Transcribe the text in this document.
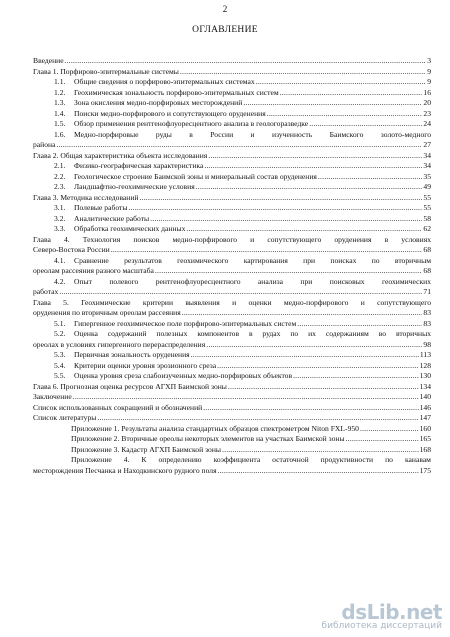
2
ОГЛАВЛЕНИЕ
Введение .....	3
Глава 1. Порфирово-эпитермальные системы .....	9
1.1.	Общие сведения о порфирово-эпитермальных системах .....	9
1.2.	Геохимическая зональность порфирово-эпитермальных систем .....	16
1.3.	Зона окисления медно-порфировых месторождений .....	20
1.4.	Поиски медно-порфирового и сопутствующего оруденения .....	23
1.5.	Обзор применения рентгенофлуоресцентного анализа в геологоразведке .....	24
1.6.	Медно-порфировые руды в России и изученность Баимского золото-медного
района .....	27
Глава 2. Общая характеристика объекта исследования .....	34
2.1.	Физико-географическая характеристика .....	34
2.2.	Геологическое строение Баимской зоны и минеральный состав оруденения .....	35
2.3.	Ландшафтно-геохимические условия .....	49
Глава 3. Методика исследований .....	55
3.1.	Полевые работы .....	55
3.2.	Аналитические работы .....	58
3.3.	Обработка геохимических данных .....	62
Глава 4. Технология поисков медно-порфирового и сопутствующего оруденения в условиях
Северо-Востока России .....	68
4.1.	Сравнение результатов геохимического картирования при поисках по вторичным
ореолам рассеяния разного масштаба .....	68
4.2.	Опыт полевого рентгенофлуоресцентного анализа при поисковых геохимических
работах .....	71
Глава 5. Геохимические критерии выявления и оценки медно-порфирового и сопутствующего
оруденения по вторичным ореолам рассеяния .....	83
5.1.	Гипергенное геохимическое поле порфирово-эпитермальных систем .....	83
5.2.	Оценка содержаний полезных компонентов в рудах по их содержаниям во вторичных
ореолах в условиях гипергенного перераспределения .....	98
5.3.	Первичная зональность оруденения .....	113
5.4.	Критерии оценки уровня эрозионного среза .....	128
5.5.	Оценка уровня среза слабоизученных медно-порфировых объектов .....	130
Глава 6. Прогнозная оценка ресурсов АГХП Баимской зоны .....	134
Заключение .....	140
Список использованных сокращений и обозначений .....	146
Список литературы .....	147
Приложение 1. Результаты анализа стандартных образцов спектрометром Niton FXL-950 .....	160
Приложение 2. Вторичные ореолы некоторых элементов на участках Баимской зоны .....	165
Приложение 3. Кадастр АГХП Баимской зоны .....	168
Приложение 4. К определению коэффициента остаточной продуктивности по канавам
месторождения Песчанка и Находкинского рудного поля .....	175
dsLib.net
библиотека диссертаций
